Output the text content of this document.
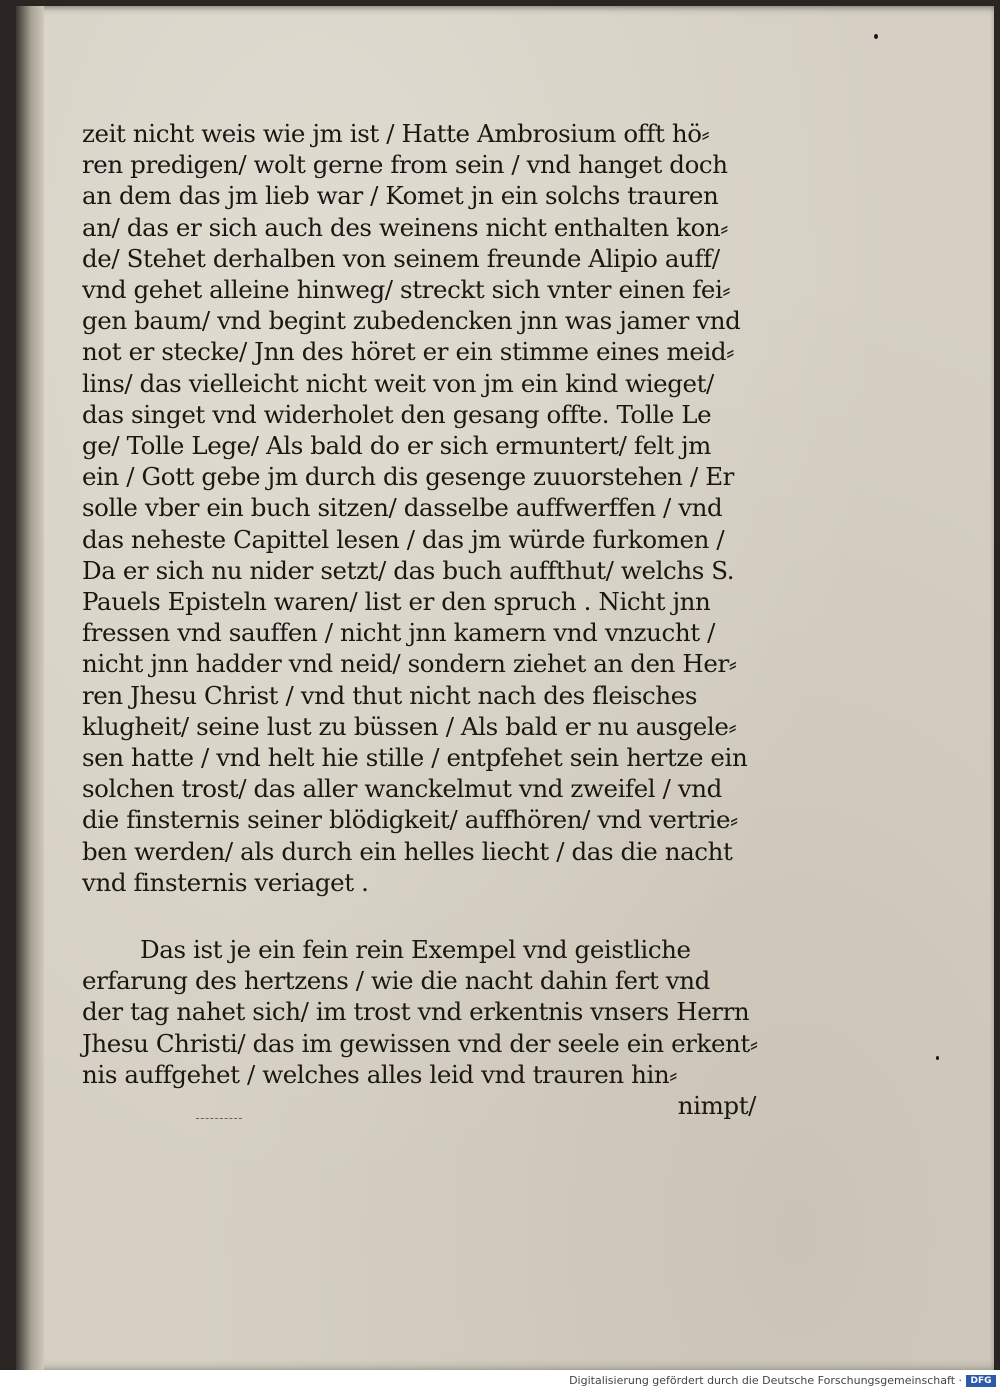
zeit nicht weis wie jm ist / Hatte Ambrosium offt hö⸗
ren predigen/ wolt gerne from sein / vnd hanget doch
an dem das jm lieb war / Komet jn ein solchs trauren
an/ das er sich auch des weinens nicht enthalten kon⸗
de/ Stehet derhalben von seinem freunde Alipio auff/
vnd gehet alleine hinweg/ streckt sich vnter einen fei⸗
gen baum/ vnd begint zubedencken jnn was jamer vnd
not er stecke/ Jnn des höret er ein stimme eines meid⸗
lins/ das vielleicht nicht weit von jm ein kind wieget/
das singet vnd widerholet den gesang offte. Tolle Le
ge/ Tolle Lege/ Als bald do er sich ermuntert/ felt jm
ein / Gott gebe jm durch dis gesenge zuuorstehen / Er
solle vber ein buch sitzen/ dasselbe auffwerffen / vnd
das neheste Capittel lesen / das jm würde furkomen /
Da er sich nu nider setzt/ das buch auffthut/ welchs S.
Pauels Episteln waren/ list er den spruch . Nicht jnn
fressen vnd sauffen / nicht jnn kamern vnd vnzucht /
nicht jnn hadder vnd neid/ sondern ziehet an den Her⸗
ren Jhesu Christ / vnd thut nicht nach des fleisches
klugheit/ seine lust zu büssen / Als bald er nu ausgele⸗
sen hatte / vnd helt hie stille / entpfehet sein hertze ein
solchen trost/ das aller wanckelmut vnd zweifel / vnd
die finsternis seiner blödigkeit/ auffhören/ vnd vertrie⸗
ben werden/ als durch ein helles liecht / das die nacht
vnd finsternis veriaget .
Das ist je ein fein rein Exempel vnd geistliche
erfarung des hertzens / wie die nacht dahin fert vnd
der tag nahet sich/ im trost vnd erkentnis vnsers Herrn
Jhesu Christi/ das im gewissen vnd der seele ein erkent⸗
nis auffgehet / welches alles leid vnd trauren hin⸗
nimpt/
Digitalisierung gefördert durch die Deutsche Forschungsgemeinschaft · DFG
